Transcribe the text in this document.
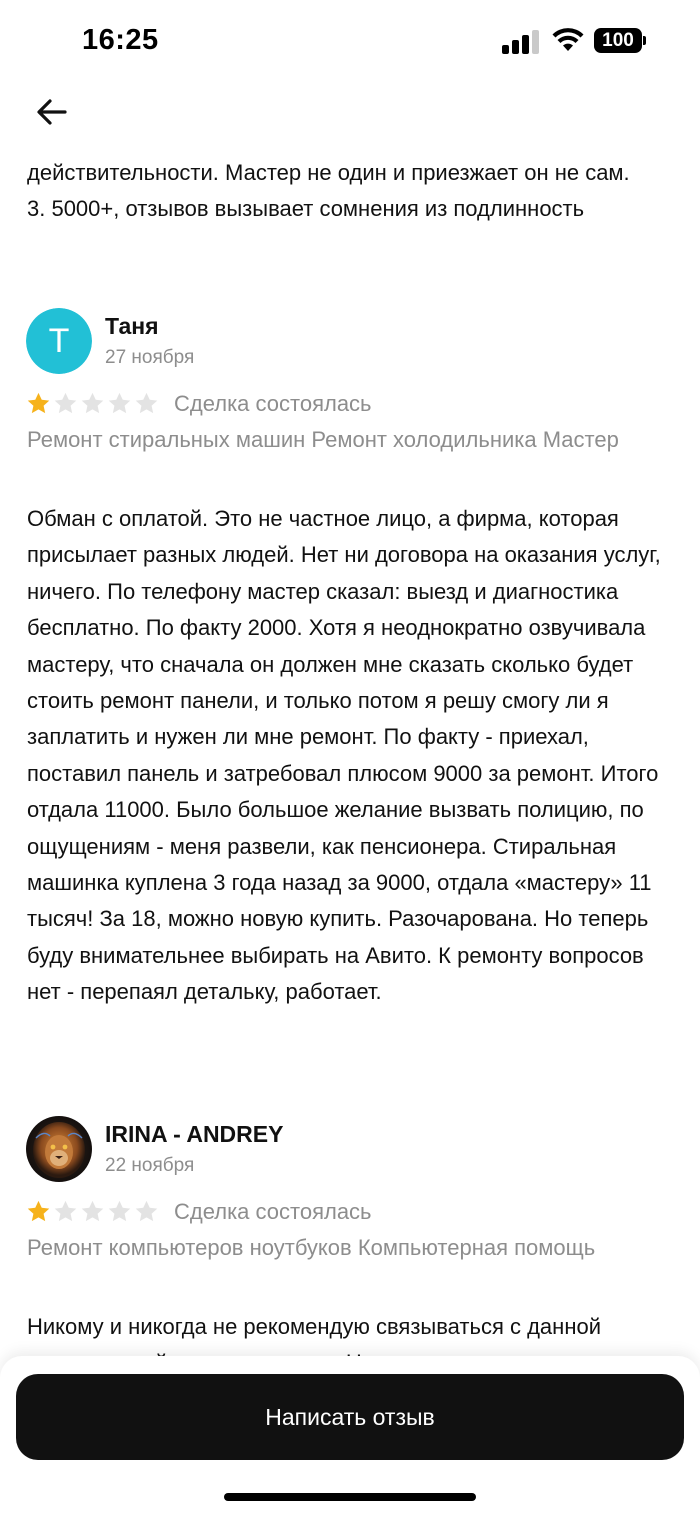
16:25	100
действительности. Мастер не один и приезжает он не сам.
3. 5000+, отзывов вызывает сомнения из подлинность
T	Таня
27 ноября
Сделка состоялась
Ремонт стиральных машин Ремонт холодильника Мастер
Обман с оплатой. Это не частное лицо, а фирма, которая присылает разных людей. Нет ни договора на оказания услуг, ничего. По телефону мастер сказал: выезд и диагностика бесплатно. По факту 2000. Хотя я неоднократно озвучивала мастеру, что сначала он должен мне сказать сколько будет стоить ремонт панели, и только потом я решу смогу ли я заплатить и нужен ли мне ремонт. По факту - приехал, поставил панель и затребовал плюсом 9000 за ремонт. Итого отдала 11000. Было большое желание вызвать полицию, по ощущениям - меня развели, как пенсионера. Стиральная машинка куплена 3 года назад за 9000, отдала «мастеру» 11 тысяч! За 18, можно новую купить. Разочарована. Но теперь буду внимательнее выбирать на Авито. К ремонту вопросов нет - перепаял детальку, работает.
IRINA - ANDREY
22 ноября
Сделка состоялась
Ремонт компьютеров ноутбуков Компьютерная помощь
Никому и никогда не рекомендую связываться с данной
Написать отзыв
